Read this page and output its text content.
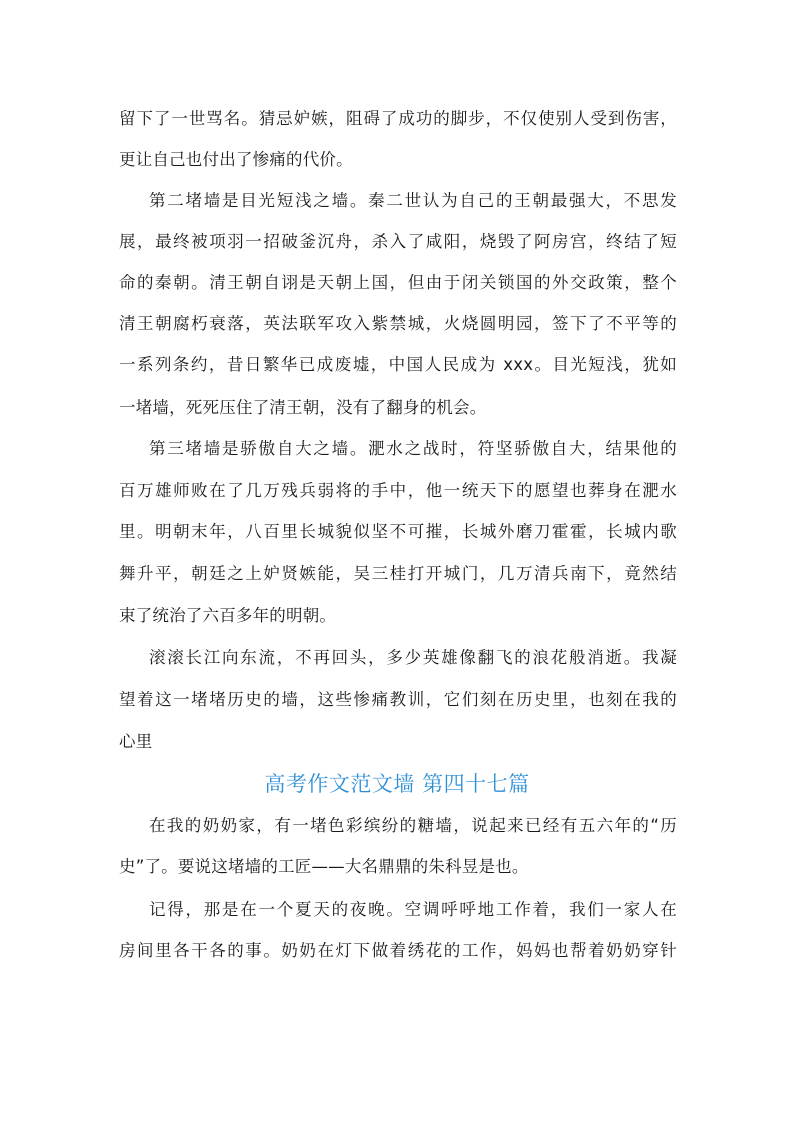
留下了一世骂名。猜忌妒嫉，阻碍了成功的脚步，不仅使别人受到伤害，
更让自己也付出了惨痛的代价。
第二堵墙是目光短浅之墙。秦二世认为自己的王朝最强大，不思发
展，最终被项羽一招破釜沉舟，杀入了咸阳，烧毁了阿房宫，终结了短
命的秦朝。清王朝自诩是天朝上国，但由于闭关锁国的外交政策，整个
清王朝腐朽衰落，英法联军攻入紫禁城，火烧圆明园，签下了不平等的
一系列条约，昔日繁华已成废墟，中国人民成为 xxx。目光短浅，犹如
一堵墙，死死压住了清王朝，没有了翻身的机会。
第三堵墙是骄傲自大之墙。淝水之战时，符坚骄傲自大，结果他的
百万雄师败在了几万残兵弱将的手中，他一统天下的愿望也葬身在淝水
里。明朝末年，八百里长城貌似坚不可摧，长城外磨刀霍霍，长城内歌
舞升平，朝廷之上妒贤嫉能，吴三桂打开城门，几万清兵南下，竟然结
束了统治了六百多年的明朝。
滚滚长江向东流，不再回头，多少英雄像翻飞的浪花般消逝。我凝
望着这一堵堵历史的墙，这些惨痛教训，它们刻在历史里，也刻在我的
心里
高考作文范文墙 第四十七篇
在我的奶奶家，有一堵色彩缤纷的糖墙，说起来已经有五六年的“历
史”了。要说这堵墙的工匠——大名鼎鼎的朱科昱是也。
记得，那是在一个夏天的夜晚。空调呼呼地工作着，我们一家人在
房间里各干各的事。奶奶在灯下做着绣花的工作，妈妈也帮着奶奶穿针
